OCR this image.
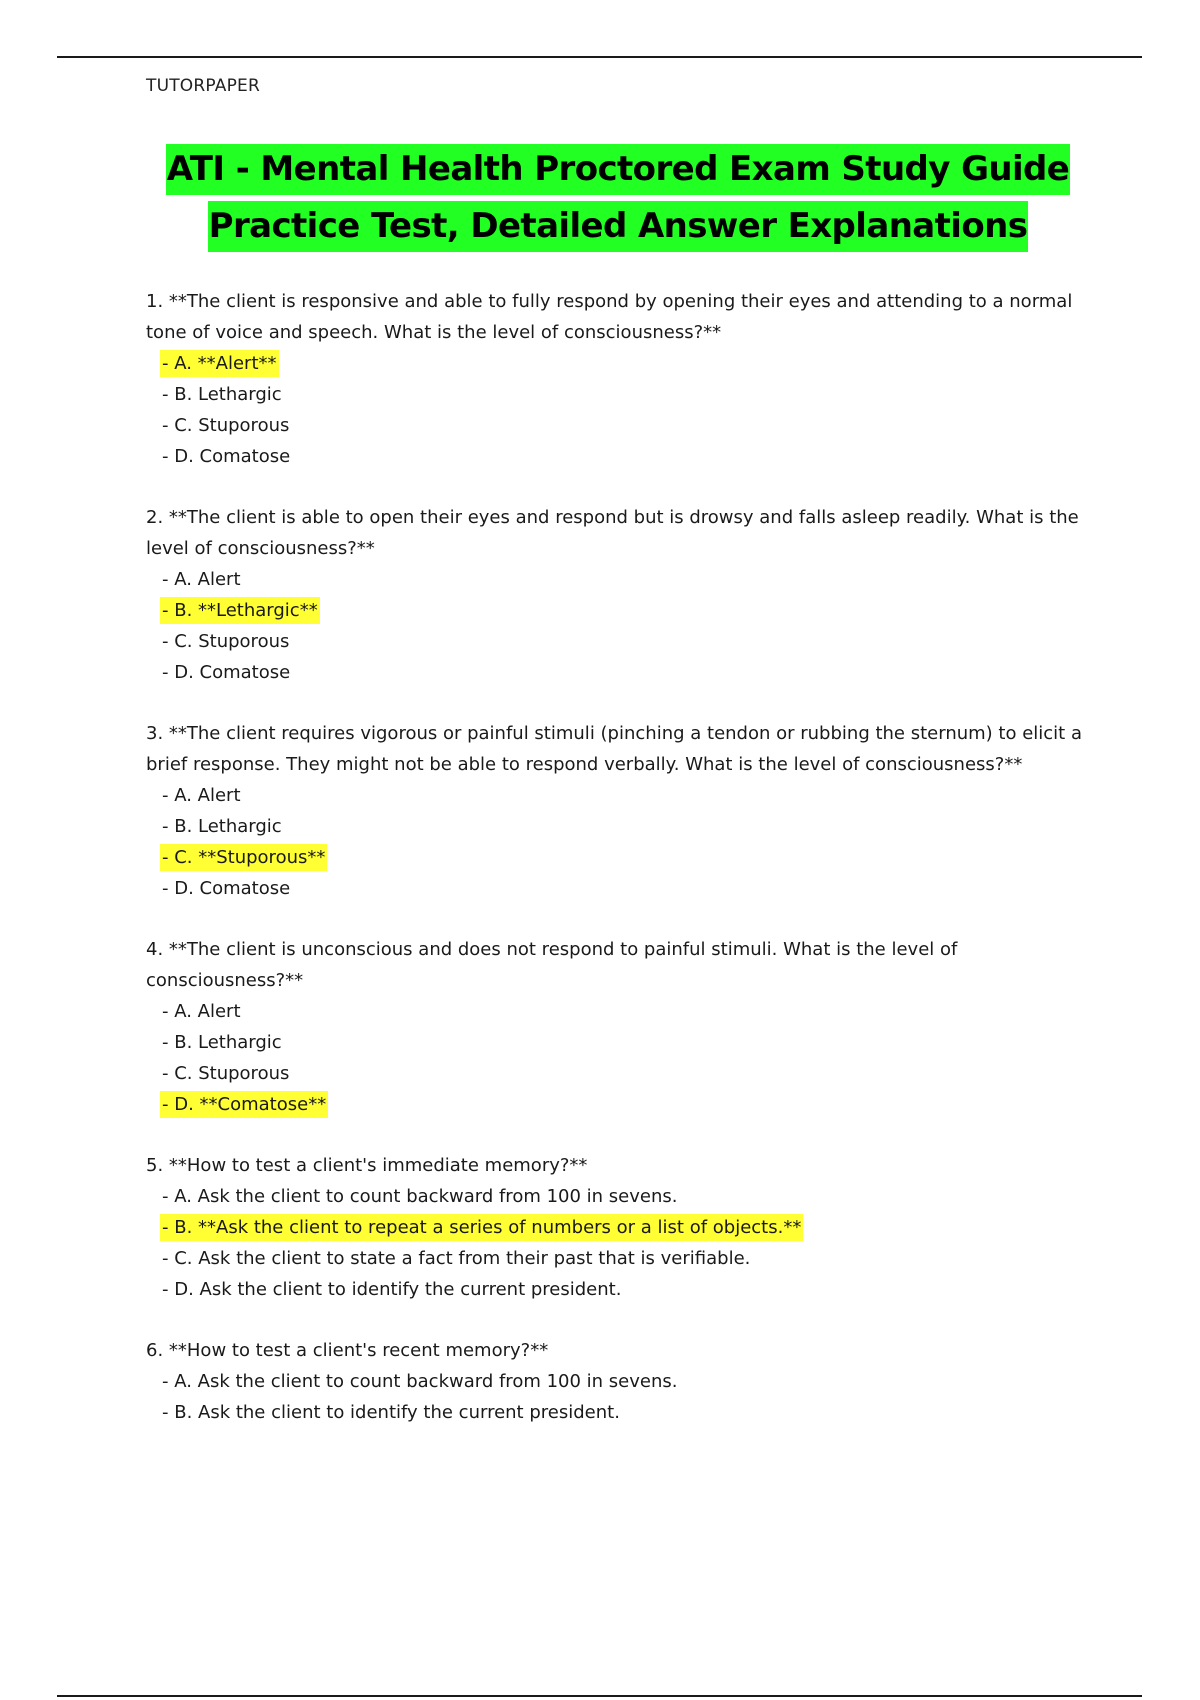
TUTORPAPER
ATI - Mental Health Proctored Exam Study Guide
Practice Test, Detailed Answer Explanations

1. **The client is responsive and able to fully respond by opening their eyes and attending to a normal tone of voice and speech. What is the level of consciousness?**

- A. **Alert**
- B. Lethargic
- C. Stuporous
- D. Comatose

2. **The client is able to open their eyes and respond but is drowsy and falls asleep readily. What is the level of consciousness?**

- A. Alert
- B. **Lethargic**
- C. Stuporous
- D. Comatose

3. **The client requires vigorous or painful stimuli (pinching a tendon or rubbing the sternum) to elicit a brief response. They might not be able to respond verbally. What is the level of consciousness?**

- A. Alert
- B. Lethargic
- C. **Stuporous**
- D. Comatose

4. **The client is unconscious and does not respond to painful stimuli. What is the level of consciousness?**

- A. Alert
- B. Lethargic
- C. Stuporous
- D. **Comatose**

5. **How to test a client's immediate memory?**

- A. Ask the client to count backward from 100 in sevens.
- B. **Ask the client to repeat a series of numbers or a list of objects.**
- C. Ask the client to state a fact from their past that is verifiable.
- D. Ask the client to identify the current president.

6. **How to test a client's recent memory?**

- A. Ask the client to count backward from 100 in sevens.
- B. Ask the client to identify the current president.
